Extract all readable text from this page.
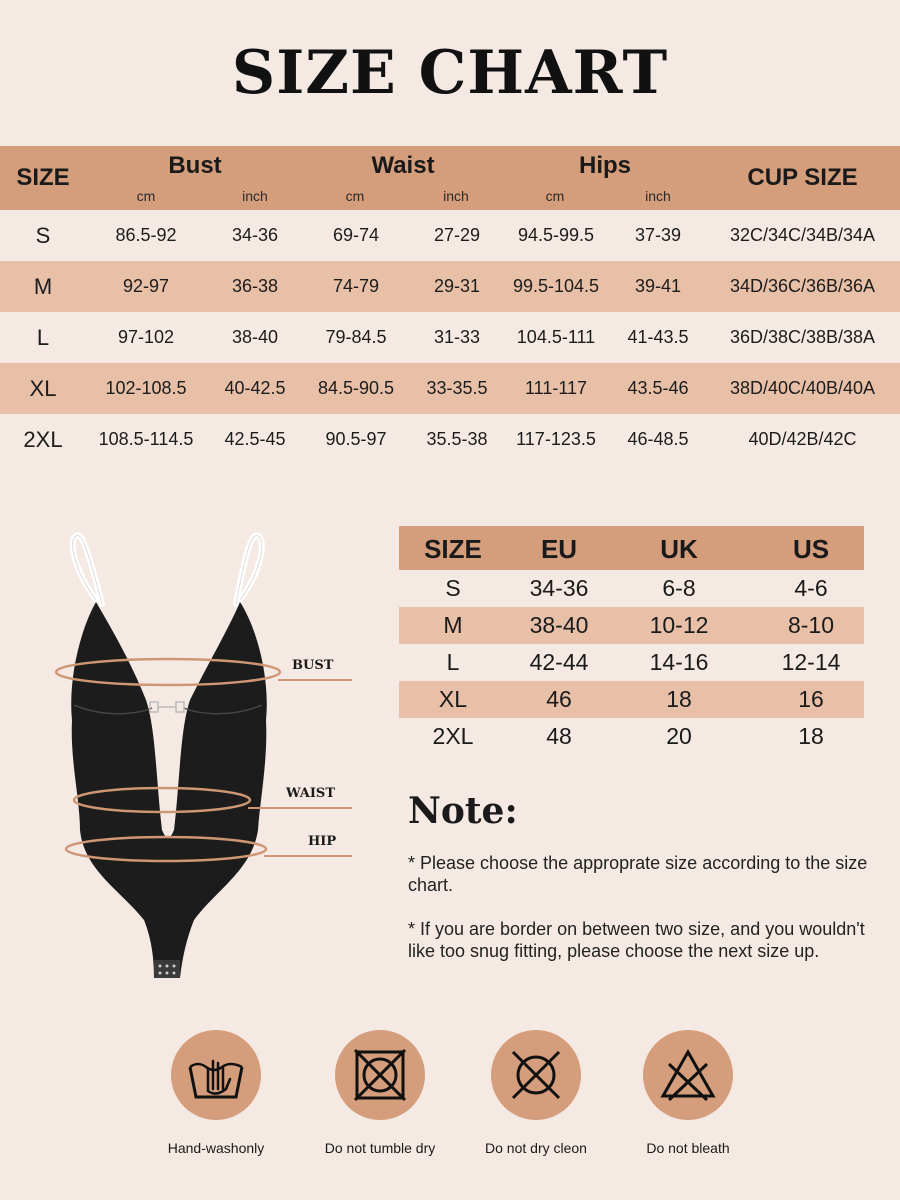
SIZE CHART
SIZE	Bust	Waist	Hips	CUP SIZE
cm	inch	cm	inch	cm	inch
S	86.5-92	34-36	69-74	27-29	94.5-99.5	37-39	32C/34C/34B/34A
M	92-97	36-38	74-79	29-31	99.5-104.5	39-41	34D/36C/36B/36A
L	97-102	38-40	79-84.5	31-33	104.5-111	41-43.5	36D/38C/38B/38A
XL	102-108.5	40-42.5	84.5-90.5	33-35.5	111-117	43.5-46	38D/40C/40B/40A
2XL	108.5-114.5	42.5-45	90.5-97	35.5-38	117-123.5	46-48.5	40D/42B/42C
BUST
WAIST
HIP
SIZE	EU	UK	US
S	34-36	6-8	4-6
M	38-40	10-12	8-10
L	42-44	14-16	12-14
XL	46	18	16
2XL	48	20	18
Note:
* Please choose the approprate size according to the size chart.
* If you are border on between two size, and you wouldn't like too snug fitting, please choose the next size up.
Hand-washonly	Do not tumble dry	Do not dry cleon	Do not bleath
